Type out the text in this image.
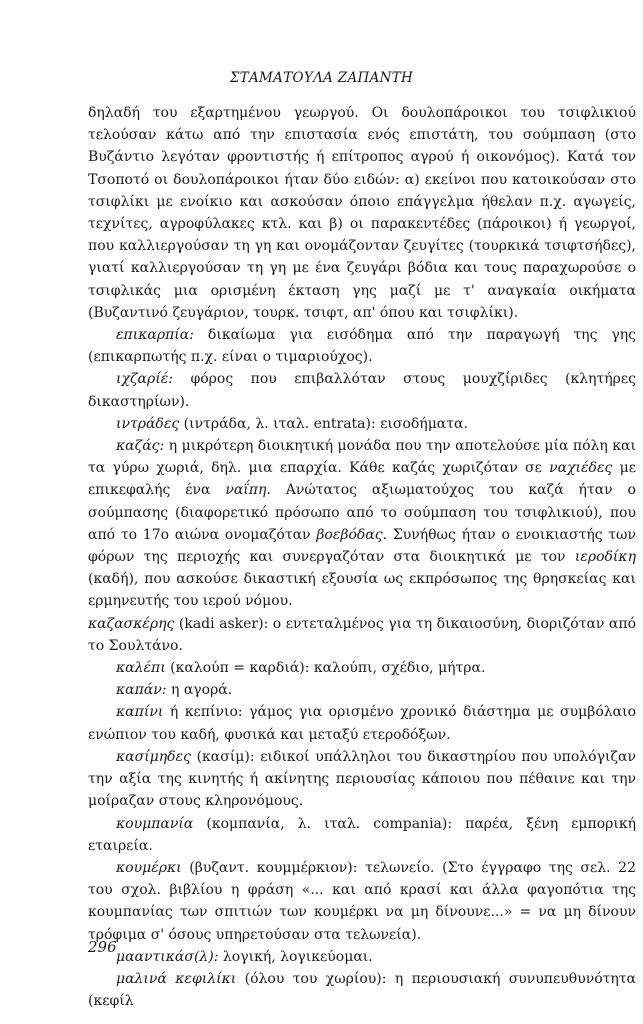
ΣΤΑΜΑΤΟΥΛΑ ΖΑΠΑΝΤΗ

δηλαδή του εξαρτημένου γεωργού. Οι δουλοπάροικοι του τσιφλικιού τελούσαν κάτω από την επιστασία ενός επιστάτη, του σούμπαση (στο Βυζάντιο λεγόταν φροντιστής ή επίτροπος αγρού ή οικονόμος). Κατά τον Τσοποτό οι δουλοπάροικοι ήταν δύο ειδών: α) εκείνοι που κατοικούσαν στο τσιφλίκι με ενοίκιο και ασκούσαν όποιο επάγγελμα ήθελαν π.χ. αγωγείς, τεχνίτες, αγροφύλακες κτλ. και β) οι παρακεντέδες (πάροικοι) ή γεωργοί, που καλλιεργούσαν τη γη και ονομάζονταν ζευγίτες (τουρκικά τσιφτσήδες), γιατί καλλιεργούσαν τη γη με ένα ζευγάρι βόδια και τους παραχωρούσε ο τσιφλικάς μια ορισμένη έκταση γης μαζί με τ' αναγκαία οικήματα (Βυζαντινό ζευγάριον, τουρκ. τσιφτ, απ' όπου και τσιφλίκι).

επικαρπία: δικαίωμα για εισόδημα από την παραγωγή της γης (επικαρπωτής π.χ. είναι ο τιμαριούχος).

ιχζαρίέ: φόρος που επιβαλλόταν στους μουχζίριδες (κλητήρες δικαστηρίων).

ιντράδες (ιντράδα, λ. ιταλ. entrata): εισοδήματα.

καζάς: η μικρότερη διοικητική μονάδα που την αποτελούσε μία πόλη και τα γύρω χωριά, δηλ. μια επαρχία. Κάθε καζάς χωριζόταν σε ναχιέδες με επικεφαλής ένα ναΐπη. Ανώτατος αξιωματούχος του καζά ήταν ο σούμπασης (διαφορετικό πρόσωπο από το σούμπαση του τσιφλικιού), που από το 17ο αιώνα ονομαζόταν βοεβόδας. Συνήθως ήταν ο ενοικιαστής των φόρων της περιοχής και συνεργαζόταν στα διοικητικά με τον ιεροδίκη (καδή), που ασκούσε δικαστική εξουσία ως εκπρόσωπος της θρησκείας και ερμηνευτής του ιερού νόμου.

καζασκέρης (kadi asker): ο εντεταλμένος για τη δικαιοσύνη, διοριζόταν από το Σουλτάνο.

καλέπι (καλούπ = καρδιά): καλούπι, σχέδιο, μήτρα.

καπάν: η αγορά.

καπίνι ή κεπίνιο: γάμος για ορισμένο χρονικό διάστημα με συμβόλαιο ενώπιον του καδή, φυσικά και μεταξύ ετεροδόξων.

κασίμηδες (κασίμ): ειδικοί υπάλληλοι του δικαστηρίου που υπολόγιζαν την αξία της κινητής ή ακίνητης περιουσίας κάποιου που πέθαινε και την μοίραζαν στους κληρονόμους.

κουμπανία (κομπανία, λ. ιταλ. compania): παρέα, ξένη εμπορική εταιρεία.

κουμέρκι (βυζαντ. κουμμέρκιον): τελωνείο. (Στο έγγραφο της σελ. 22 του σχολ. βιβλίου η φράση «... και από κρασί και άλλα φαγοπότια της κουμπανίας των σπιτιών των κουμέρκι να μη δίνουνε...» = να μη δίνουν τρόφιμα σ' όσους υπηρετούσαν στα τελωνεία).

μααντικάσ(λ): λογική, λογικεύομαι.

μαλινά κεφιλίκι (όλου του χωρίου): η περιουσιακή συνυπευθυνότητα (κεφίλ

296
